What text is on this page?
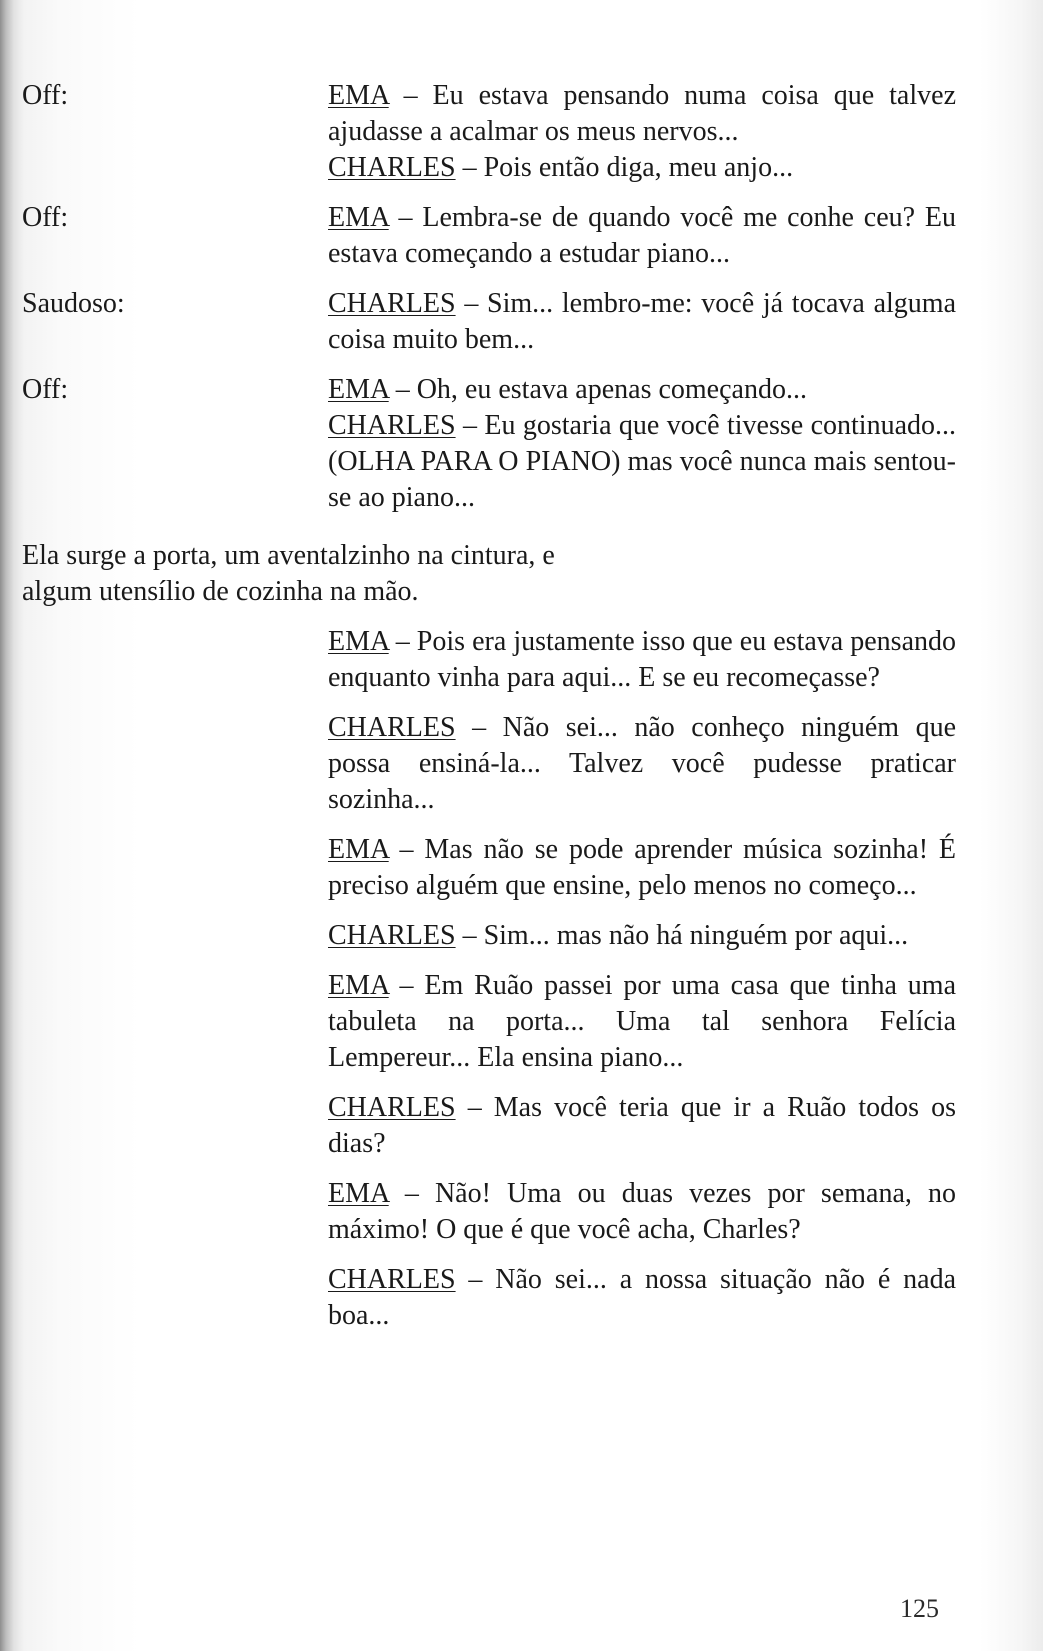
Off:	EMA – Eu estava pensando numa coisa que talvez ajudasse a acalmar os meus nervos...
CHARLES – Pois então diga, meu anjo...
Off:	EMA – Lembra-se de quando você me conhe ceu? Eu estava começando a estudar piano...
Saudoso:	CHARLES – Sim... lembro-me: você já tocava alguma coisa muito bem...
Off:	EMA – Oh, eu estava apenas começando...
CHARLES – Eu gostaria que você tivesse continuado... (OLHA PARA O PIANO) mas você nunca mais sentou-se ao piano...
Ela surge a porta, um aventalzinho na cintura, e algum utensílio de cozinha na mão.
EMA – Pois era justamente isso que eu estava pensando enquanto vinha para aqui... E se eu recomeçasse?
CHARLES – Não sei... não conheço ninguém que possa ensiná-la... Talvez você pudesse praticar sozinha...
EMA – Mas não se pode aprender música sozinha! É preciso alguém que ensine, pelo menos no começo...
CHARLES – Sim... mas não há ninguém por aqui...
EMA – Em Ruão passei por uma casa que tinha uma tabuleta na porta... Uma tal senhora Felícia Lempereur... Ela ensina piano...
CHARLES – Mas você teria que ir a Ruão todos os dias?
EMA – Não! Uma ou duas vezes por semana, no máximo! O que é que você acha, Charles?
CHARLES – Não sei... a nossa situação não é nada boa...
125
